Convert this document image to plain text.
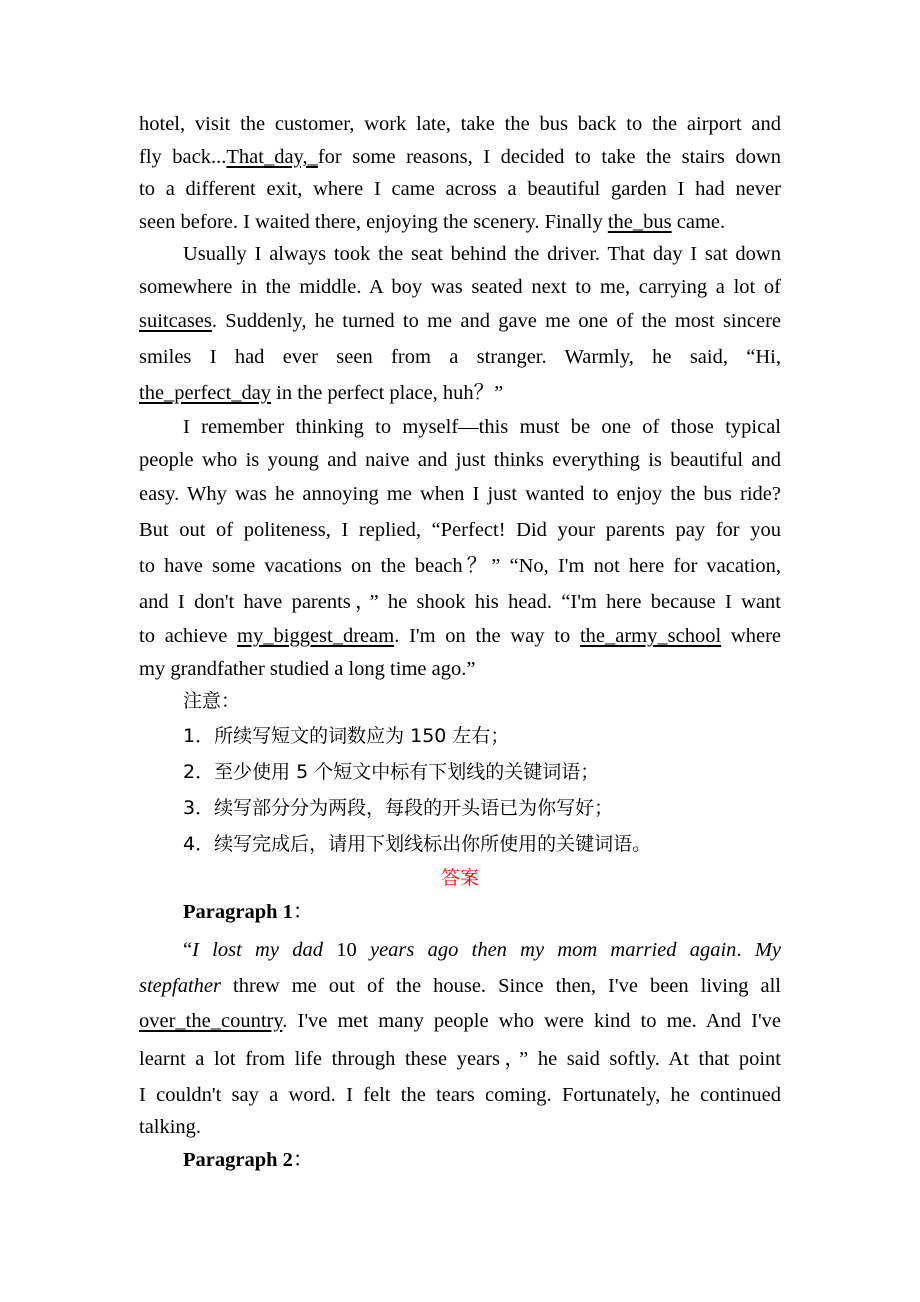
hotel, visit the customer, work late, take the bus back to the airport and
fly back...That_day,_for some reasons, I decided to take the stairs down
to a different exit, where I came across a beautiful garden I had never
seen before. I waited there, enjoying the scenery. Finally the_bus came.
Usually I always took the seat behind the driver. That day I sat down
somewhere in the middle. A boy was seated next to me, carrying a lot of
suitcases. Suddenly, he turned to me and gave me one of the most sincere
smiles I had ever seen from a stranger. Warmly, he said, “Hi,
the_perfect_day in the perfect place, huh？”
I remember thinking to myself—this must be one of those typical
people who is young and naive and just thinks everything is beautiful and
easy. Why was he annoying me when I just wanted to enjoy the bus ride?
But out of politeness, I replied, “Perfect! Did your parents pay for you
to have some vacations on the beach？” “No, I'm not here for vacation,
and I don't have parents，” he shook his head. “I'm here because I want
to achieve my_biggest_dream. I'm on the way to the_army_school where
my grandfather studied a long time ago.”
注意：
1．所续写短文的词数应为 150 左右；
2．至少使用 5 个短文中标有下划线的关键词语；
3．续写部分分为两段，每段的开头语已为你写好；
4．续写完成后，请用下划线标出你所使用的关键词语。
答案
Paragraph 1：
“I lost my dad 10 years ago then my mom married again. My
stepfather threw me out of the house. Since then, I've been living all
over_the_country. I've met many people who were kind to me. And I've
learnt a lot from life through these years，” he said softly. At that point
I couldn't say a word. I felt the tears coming. Fortunately, he continued
talking.
Paragraph 2：
